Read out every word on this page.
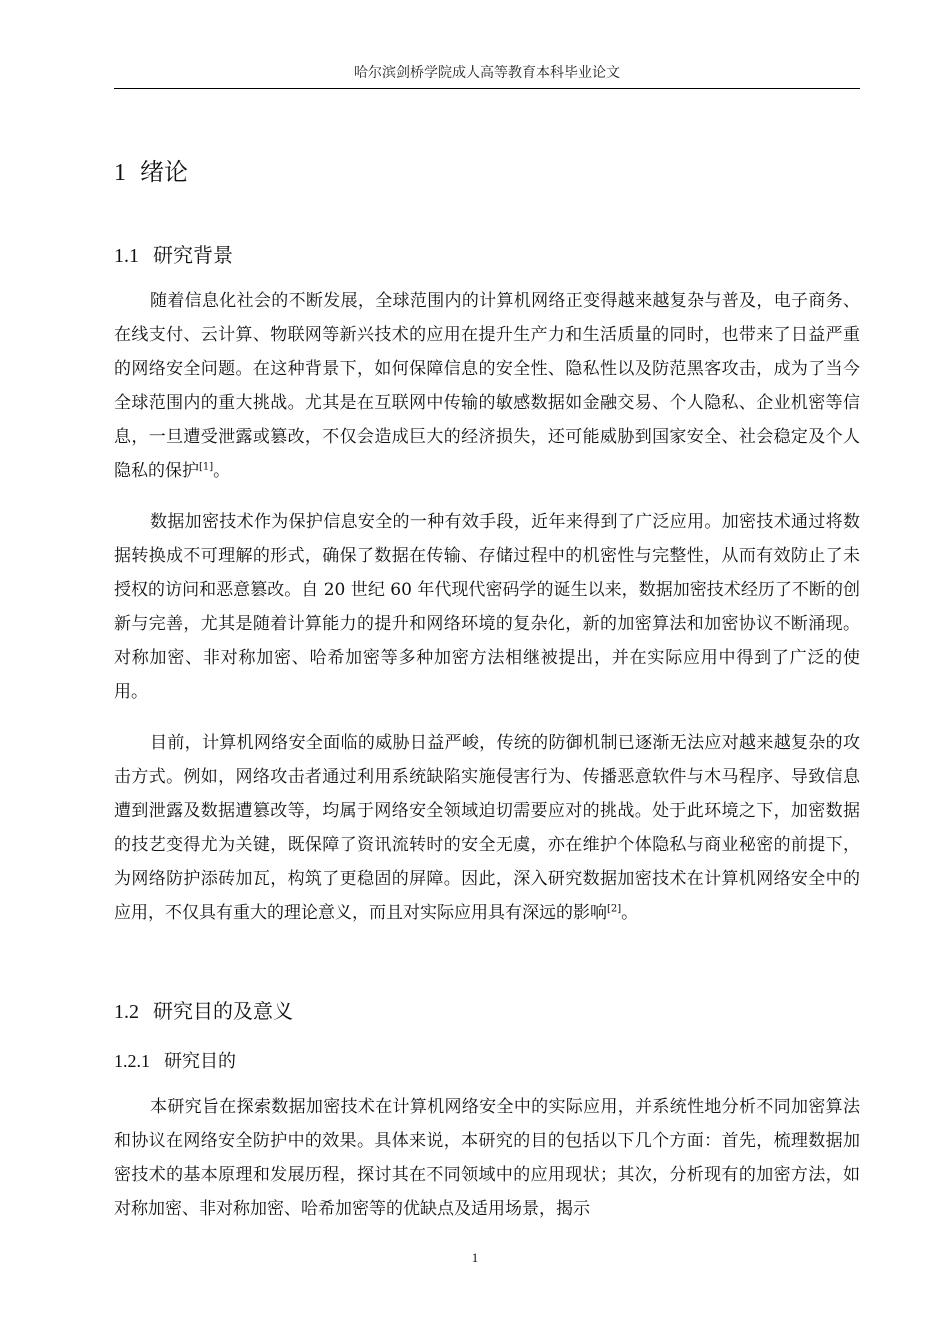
哈尔滨剑桥学院成人高等教育本科毕业论文
1 绪论
1.1 研究背景

随着信息化社会的不断发展，全球范围内的计算机网络正变得越来越复杂与普及，电子商务、在线支付、云计算、物联网等新兴技术的应用在提升生产力和生活质量的同时，也带来了日益严重的网络安全问题。在这种背景下，如何保障信息的安全性、隐私性以及防范黑客攻击，成为了当今全球范围内的重大挑战。尤其是在互联网中传输的敏感数据如金融交易、个人隐私、企业机密等信息，一旦遭受泄露或篡改，不仅会造成巨大的经济损失，还可能威胁到国家安全、社会稳定及个人隐私的保护[1]。

数据加密技术作为保护信息安全的一种有效手段，近年来得到了广泛应用。加密技术通过将数据转换成不可理解的形式，确保了数据在传输、存储过程中的机密性与完整性，从而有效防止了未授权的访问和恶意篡改。自 20 世纪 60 年代现代密码学的诞生以来，数据加密技术经历了不断的创新与完善，尤其是随着计算能力的提升和网络环境的复杂化，新的加密算法和加密协议不断涌现。对称加密、非对称加密、哈希加密等多种加密方法相继被提出，并在实际应用中得到了广泛的使用。

目前，计算机网络安全面临的威胁日益严峻，传统的防御机制已逐渐无法应对越来越复杂的攻击方式。例如，网络攻击者通过利用系统缺陷实施侵害行为、传播恶意软件与木马程序、导致信息遭到泄露及数据遭篡改等，均属于网络安全领域迫切需要应对的挑战。处于此环境之下，加密数据的技艺变得尤为关键，既保障了资讯流转时的安全无虞，亦在维护个体隐私与商业秘密的前提下，为网络防护添砖加瓦，构筑了更稳固的屏障。因此，深入研究数据加密技术在计算机网络安全中的应用，不仅具有重大的理论意义，而且对实际应用具有深远的影响[2]。

1.2 研究目的及意义
1.2.1 研究目的

本研究旨在探索数据加密技术在计算机网络安全中的实际应用，并系统性地分析不同加密算法和协议在网络安全防护中的效果。具体来说，本研究的目的包括以下几个方面：首先，梳理数据加密技术的基本原理和发展历程，探讨其在不同领域中的应用现状；其次，分析现有的加密方法，如对称加密、非对称加密、哈希加密等的优缺点及适用场景，揭示

1
